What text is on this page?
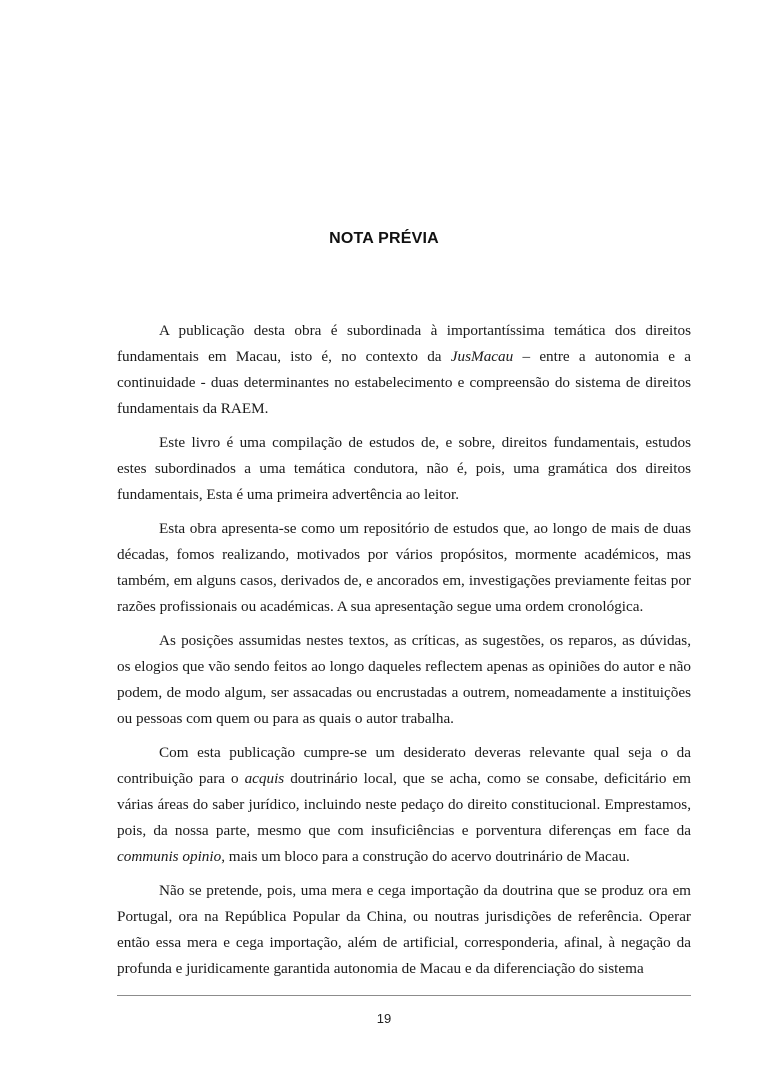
NOTA PRÉVIA

A publicação desta obra é subordinada à importantíssima temática dos direitos fundamentais em Macau, isto é, no contexto da JusMacau – entre a autonomia e a continuidade - duas determinantes no estabelecimento e compreensão do sistema de direitos fundamentais da RAEM.

Este livro é uma compilação de estudos de, e sobre, direitos fundamentais, estudos estes subordinados a uma temática condutora, não é, pois, uma gramática dos direitos fundamentais, Esta é uma primeira advertência ao leitor.

Esta obra apresenta-se como um repositório de estudos que, ao longo de mais de duas décadas, fomos realizando, motivados por vários propósitos, mormente académicos, mas também, em alguns casos, derivados de, e ancorados em, investigações previamente feitas por razões profissionais ou académicas. A sua apresentação segue uma ordem cronológica.

As posições assumidas nestes textos, as críticas, as sugestões, os reparos, as dúvidas, os elogios que vão sendo feitos ao longo daqueles reflectem apenas as opiniões do autor e não podem, de modo algum, ser assacadas ou encrustadas a outrem, nomeadamente a instituições ou pessoas com quem ou para as quais o autor trabalha.

Com esta publicação cumpre-se um desiderato deveras relevante qual seja o da contribuição para o acquis doutrinário local, que se acha, como se consabe, deficitário em várias áreas do saber jurídico, incluindo neste pedaço do direito constitucional. Emprestamos, pois, da nossa parte, mesmo que com insuficiências e porventura diferenças em face da communis opinio, mais um bloco para a construção do acervo doutrinário de Macau.

Não se pretende, pois, uma mera e cega importação da doutrina que se produz ora em Portugal, ora na República Popular da China, ou noutras jurisdições de referência. Operar então essa mera e cega importação, além de artificial, corresponderia, afinal, à negação da profunda e juridicamente garantida autonomia de Macau e da diferenciação do sistema

19
